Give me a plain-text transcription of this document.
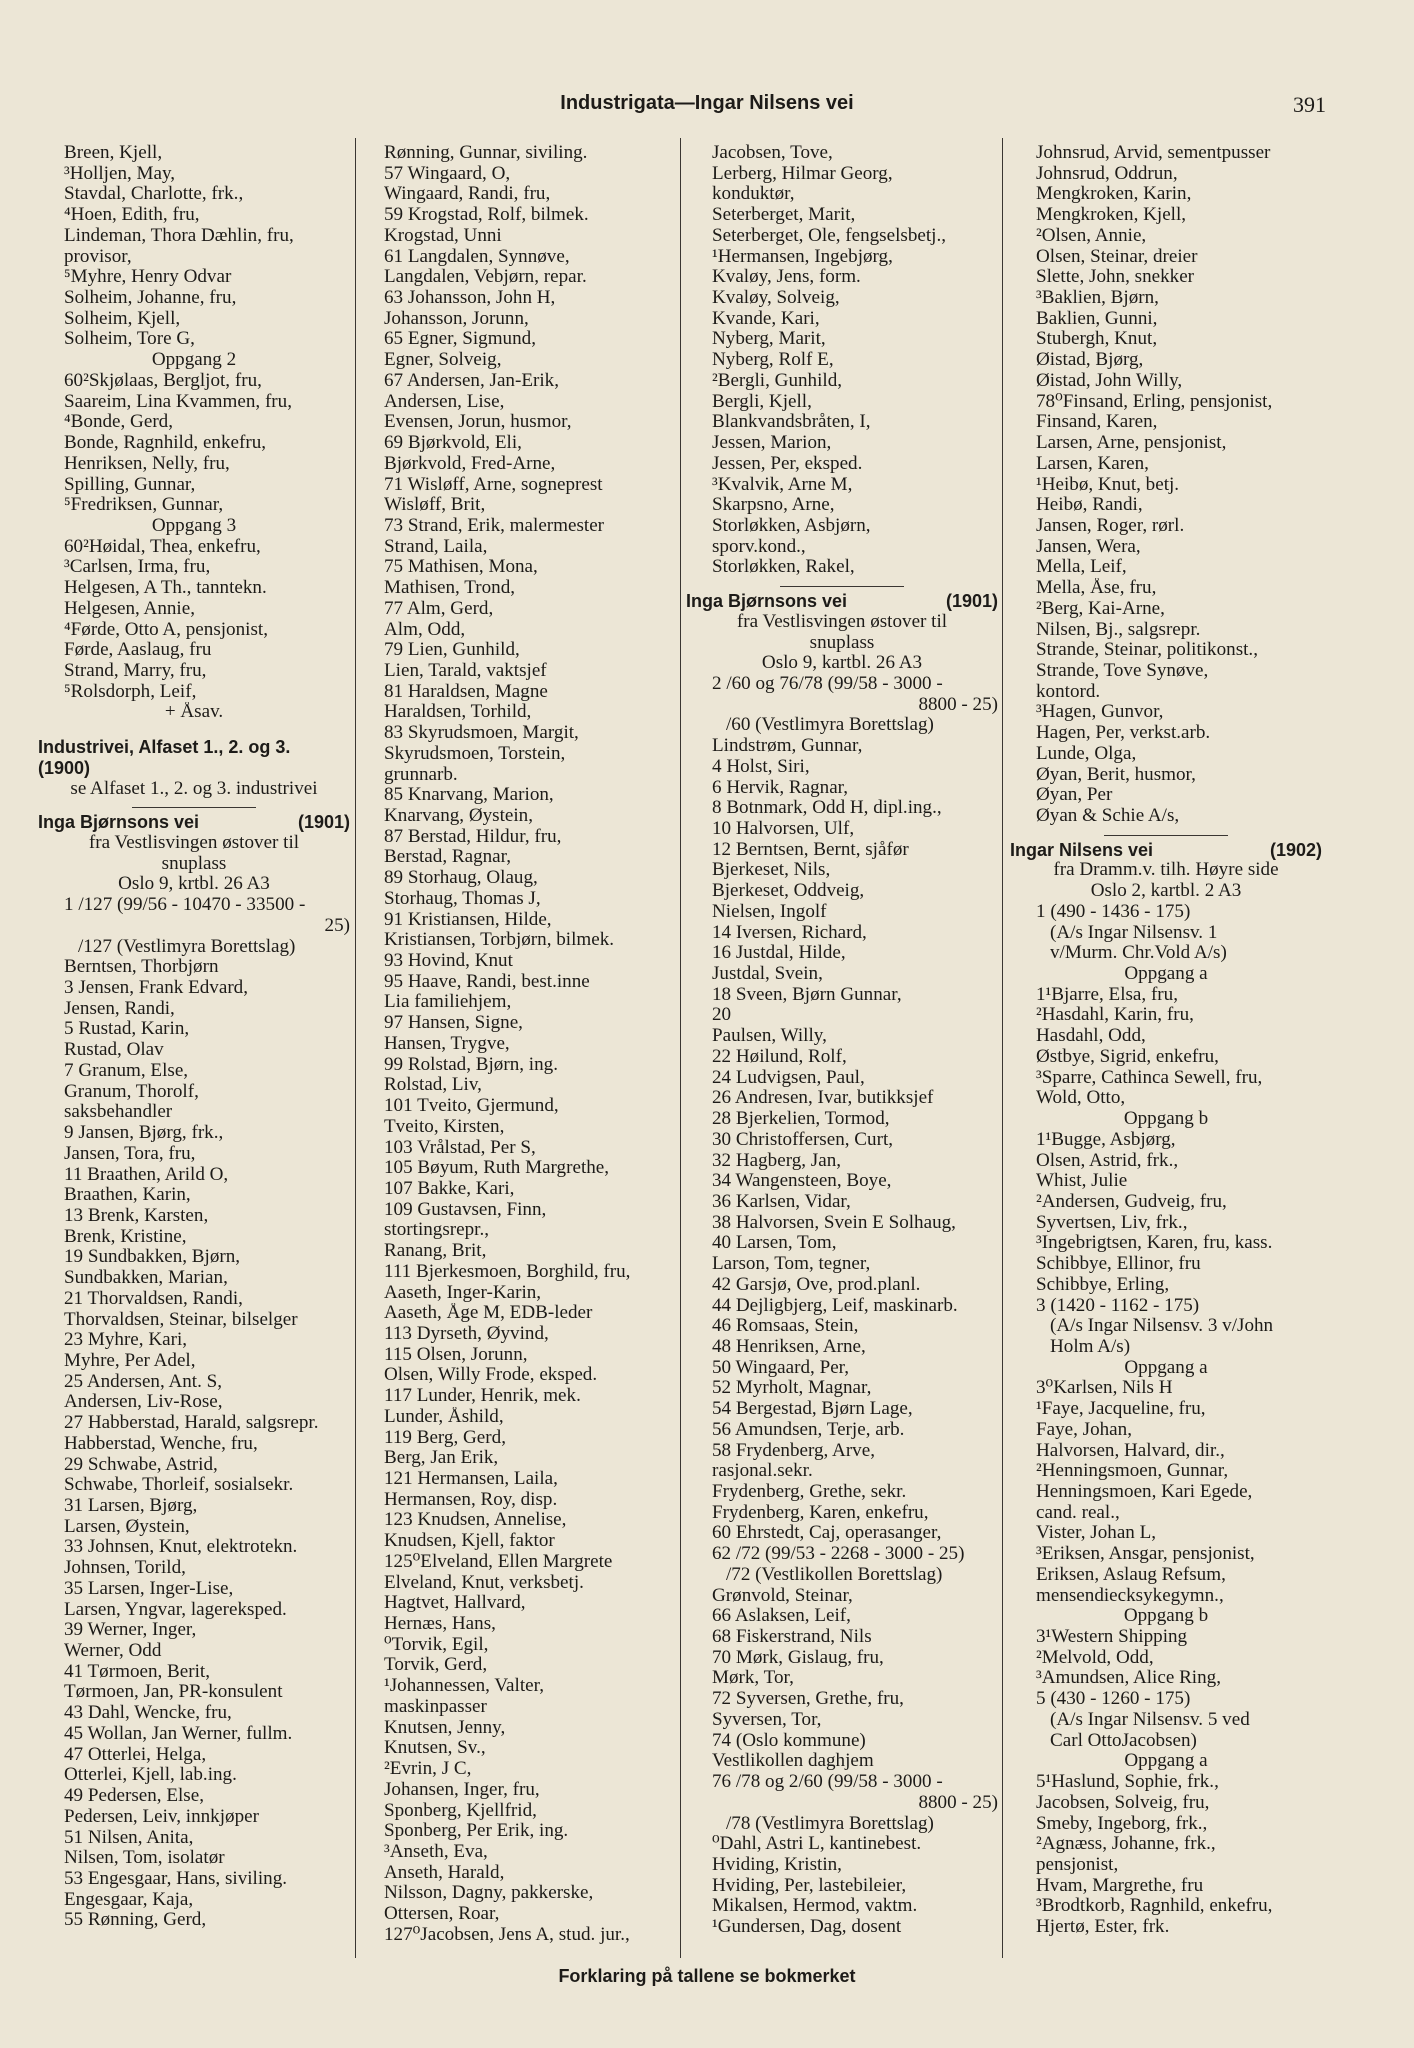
Industrigata—Ingar Nilsens vei	391
Breen, Kjell,
³Holljen, May,
Stavdal, Charlotte, frk.,
⁴Hoen, Edith, fru,
Lindeman, Thora Dæhlin, fru,
provisor,
⁵Myhre, Henry Odvar
Solheim, Johanne, fru,
Solheim, Kjell,
Solheim, Tore G,
Oppgang 2
60²Skjølaas, Bergljot, fru,
Saareim, Lina Kvammen, fru,
⁴Bonde, Gerd,
Bonde, Ragnhild, enkefru,
Henriksen, Nelly, fru,
Spilling, Gunnar,
⁵Fredriksen, Gunnar,
Oppgang 3
60²Høidal, Thea, enkefru,
³Carlsen, Irma, fru,
Helgesen, A Th., tanntekn.
Helgesen, Annie,
⁴Førde, Otto A, pensjonist,
Førde, Aaslaug, fru
Strand, Marry, fru,
⁵Rolsdorph, Leif,
+ Åsav.
Industrivei, Alfaset 1., 2. og 3.
(1900)
se Alfaset 1., 2. og 3. industrivei
Inga Bjørnsons vei	(1901)
fra Vestlisvingen østover til
snuplass
Oslo 9, krtbl. 26 A3
1 /127 (99/56 - 10470 - 33500 -
25)
/127 (Vestlimyra Borettslag)
Berntsen, Thorbjørn
3 Jensen, Frank Edvard,
Jensen, Randi,
5 Rustad, Karin,
Rustad, Olav
7 Granum, Else,
Granum, Thorolf,
saksbehandler
9 Jansen, Bjørg, frk.,
Jansen, Tora, fru,
11 Braathen, Arild O,
Braathen, Karin,
13 Brenk, Karsten,
Brenk, Kristine,
19 Sundbakken, Bjørn,
Sundbakken, Marian,
21 Thorvaldsen, Randi,
Thorvaldsen, Steinar, bilselger
23 Myhre, Kari,
Myhre, Per Adel,
25 Andersen, Ant. S,
Andersen, Liv-Rose,
27 Habberstad, Harald, salgsrepr.
Habberstad, Wenche, fru,
29 Schwabe, Astrid,
Schwabe, Thorleif, sosialsekr.
31 Larsen, Bjørg,
Larsen, Øystein,
33 Johnsen, Knut, elektrotekn.
Johnsen, Torild,
35 Larsen, Inger-Lise,
Larsen, Yngvar, lagereksped.
39 Werner, Inger,
Werner, Odd
41 Tørmoen, Berit,
Tørmoen, Jan, PR-konsulent
43 Dahl, Wencke, fru,
45 Wollan, Jan Werner, fullm.
47 Otterlei, Helga,
Otterlei, Kjell, lab.ing.
49 Pedersen, Else,
Pedersen, Leiv, innkjøper
51 Nilsen, Anita,
Nilsen, Tom, isolatør
53 Engesgaar, Hans, siviling.
Engesgaar, Kaja,
55 Rønning, Gerd,
Rønning, Gunnar, siviling.
57 Wingaard, O,
Wingaard, Randi, fru,
59 Krogstad, Rolf, bilmek.
Krogstad, Unni
61 Langdalen, Synnøve,
Langdalen, Vebjørn, repar.
63 Johansson, John H,
Johansson, Jorunn,
65 Egner, Sigmund,
Egner, Solveig,
67 Andersen, Jan-Erik,
Andersen, Lise,
Evensen, Jorun, husmor,
69 Bjørkvold, Eli,
Bjørkvold, Fred-Arne,
71 Wisløff, Arne, sogneprest
Wisløff, Brit,
73 Strand, Erik, malermester
Strand, Laila,
75 Mathisen, Mona,
Mathisen, Trond,
77 Alm, Gerd,
Alm, Odd,
79 Lien, Gunhild,
Lien, Tarald, vaktsjef
81 Haraldsen, Magne
Haraldsen, Torhild,
83 Skyrudsmoen, Margit,
Skyrudsmoen, Torstein,
grunnarb.
85 Knarvang, Marion,
Knarvang, Øystein,
87 Berstad, Hildur, fru,
Berstad, Ragnar,
89 Storhaug, Olaug,
Storhaug, Thomas J,
91 Kristiansen, Hilde,
Kristiansen, Torbjørn, bilmek.
93 Hovind, Knut
95 Haave, Randi, best.inne
Lia familiehjem,
97 Hansen, Signe,
Hansen, Trygve,
99 Rolstad, Bjørn, ing.
Rolstad, Liv,
101 Tveito, Gjermund,
Tveito, Kirsten,
103 Vrålstad, Per S,
105 Bøyum, Ruth Margrethe,
107 Bakke, Kari,
109 Gustavsen, Finn,
stortingsrepr.,
Ranang, Brit,
111 Bjerkesmoen, Borghild, fru,
Aaseth, Inger-Karin,
Aaseth, Åge M, EDB-leder
113 Dyrseth, Øyvind,
115 Olsen, Jorunn,
Olsen, Willy Frode, eksped.
117 Lunder, Henrik, mek.
Lunder, Åshild,
119 Berg, Gerd,
Berg, Jan Erik,
121 Hermansen, Laila,
Hermansen, Roy, disp.
123 Knudsen, Annelise,
Knudsen, Kjell, faktor
125⁰Elveland, Ellen Margrete
Elveland, Knut, verksbetj.
Hagtvet, Hallvard,
Hernæs, Hans,
⁰Torvik, Egil,
Torvik, Gerd,
¹Johannessen, Valter,
maskinpasser
Knutsen, Jenny,
Knutsen, Sv.,
²Evrin, J C,
Johansen, Inger, fru,
Sponberg, Kjellfrid,
Sponberg, Per Erik, ing.
³Anseth, Eva,
Anseth, Harald,
Nilsson, Dagny, pakkerske,
Ottersen, Roar,
127⁰Jacobsen, Jens A, stud. jur.,
Jacobsen, Tove,
Lerberg, Hilmar Georg,
konduktør,
Seterberget, Marit,
Seterberget, Ole, fengselsbetj.,
¹Hermansen, Ingebjørg,
Kvaløy, Jens, form.
Kvaløy, Solveig,
Kvande, Kari,
Nyberg, Marit,
Nyberg, Rolf E,
²Bergli, Gunhild,
Bergli, Kjell,
Blankvandsbråten, I,
Jessen, Marion,
Jessen, Per, eksped.
³Kvalvik, Arne M,
Skarpsno, Arne,
Storløkken, Asbjørn,
sporv.kond.,
Storløkken, Rakel,
Inga Bjørnsons vei	(1901)
fra Vestlisvingen østover til
snuplass
Oslo 9, kartbl. 26 A3
2 /60 og 76/78 (99/58 - 3000 -
8800 - 25)
/60 (Vestlimyra Borettslag)
Lindstrøm, Gunnar,
4 Holst, Siri,
6 Hervik, Ragnar,
8 Botnmark, Odd H, dipl.ing.,
10 Halvorsen, Ulf,
12 Berntsen, Bernt, sjåfør
Bjerkeset, Nils,
Bjerkeset, Oddveig,
Nielsen, Ingolf
14 Iversen, Richard,
16 Justdal, Hilde,
Justdal, Svein,
18 Sveen, Bjørn Gunnar,
20
Paulsen, Willy,
22 Høilund, Rolf,
24 Ludvigsen, Paul,
26 Andresen, Ivar, butikksjef
28 Bjerkelien, Tormod,
30 Christoffersen, Curt,
32 Hagberg, Jan,
34 Wangensteen, Boye,
36 Karlsen, Vidar,
38 Halvorsen, Svein E Solhaug,
40 Larsen, Tom,
Larson, Tom, tegner,
42 Garsjø, Ove, prod.planl.
44 Dejligbjerg, Leif, maskinarb.
46 Romsaas, Stein,
48 Henriksen, Arne,
50 Wingaard, Per,
52 Myrholt, Magnar,
54 Bergestad, Bjørn Lage,
56 Amundsen, Terje, arb.
58 Frydenberg, Arve,
rasjonal.sekr.
Frydenberg, Grethe, sekr.
Frydenberg, Karen, enkefru,
60 Ehrstedt, Caj, operasanger,
62 /72 (99/53 - 2268 - 3000 - 25)
/72 (Vestlikollen Borettslag)
Grønvold, Steinar,
66 Aslaksen, Leif,
68 Fiskerstrand, Nils
70 Mørk, Gislaug, fru,
Mørk, Tor,
72 Syversen, Grethe, fru,
Syversen, Tor,
74 (Oslo kommune)
Vestlikollen daghjem
76 /78 og 2/60 (99/58 - 3000 -
8800 - 25)
/78 (Vestlimyra Borettslag)
⁰Dahl, Astri L, kantinebest.
Hviding, Kristin,
Hviding, Per, lastebileier,
Mikalsen, Hermod, vaktm.
¹Gundersen, Dag, dosent
Johnsrud, Arvid, sementpusser
Johnsrud, Oddrun,
Mengkroken, Karin,
Mengkroken, Kjell,
²Olsen, Annie,
Olsen, Steinar, dreier
Slette, John, snekker
³Baklien, Bjørn,
Baklien, Gunni,
Stubergh, Knut,
Øistad, Bjørg,
Øistad, John Willy,
78⁰Finsand, Erling, pensjonist,
Finsand, Karen,
Larsen, Arne, pensjonist,
Larsen, Karen,
¹Heibø, Knut, betj.
Heibø, Randi,
Jansen, Roger, rørl.
Jansen, Wera,
Mella, Leif,
Mella, Åse, fru,
²Berg, Kai-Arne,
Nilsen, Bj., salgsrepr.
Strande, Steinar, politikonst.,
Strande, Tove Synøve,
kontord.
³Hagen, Gunvor,
Hagen, Per, verkst.arb.
Lunde, Olga,
Øyan, Berit, husmor,
Øyan, Per
Øyan & Schie A/s,
Ingar Nilsens vei	(1902)
fra Dramm.v. tilh. Høyre side
Oslo 2, kartbl. 2 A3
1 (490 - 1436 - 175)
(A/s Ingar Nilsensv. 1
v/Murm. Chr.Vold A/s)
Oppgang a
1¹Bjarre, Elsa, fru,
²Hasdahl, Karin, fru,
Hasdahl, Odd,
Østbye, Sigrid, enkefru,
³Sparre, Cathinca Sewell, fru,
Wold, Otto,
Oppgang b
1¹Bugge, Asbjørg,
Olsen, Astrid, frk.,
Whist, Julie
²Andersen, Gudveig, fru,
Syvertsen, Liv, frk.,
³Ingebrigtsen, Karen, fru, kass.
Schibbye, Ellinor, fru
Schibbye, Erling,
3 (1420 - 1162 - 175)
(A/s Ingar Nilsensv. 3 v/John
Holm A/s)
Oppgang a
3⁰Karlsen, Nils H
¹Faye, Jacqueline, fru,
Faye, Johan,
Halvorsen, Halvard, dir.,
²Henningsmoen, Gunnar,
Henningsmoen, Kari Egede,
cand. real.,
Vister, Johan L,
³Eriksen, Ansgar, pensjonist,
Eriksen, Aslaug Refsum,
mensendiecksykegymn.,
Oppgang b
3¹Western Shipping
²Melvold, Odd,
³Amundsen, Alice Ring,
5 (430 - 1260 - 175)
(A/s Ingar Nilsensv. 5 ved
Carl OttoJacobsen)
Oppgang a
5¹Haslund, Sophie, frk.,
Jacobsen, Solveig, fru,
Smeby, Ingeborg, frk.,
²Agnæss, Johanne, frk.,
pensjonist,
Hvam, Margrethe, fru
³Brodtkorb, Ragnhild, enkefru,
Hjertø, Ester, frk.
Forklaring på tallene se bokmerket
